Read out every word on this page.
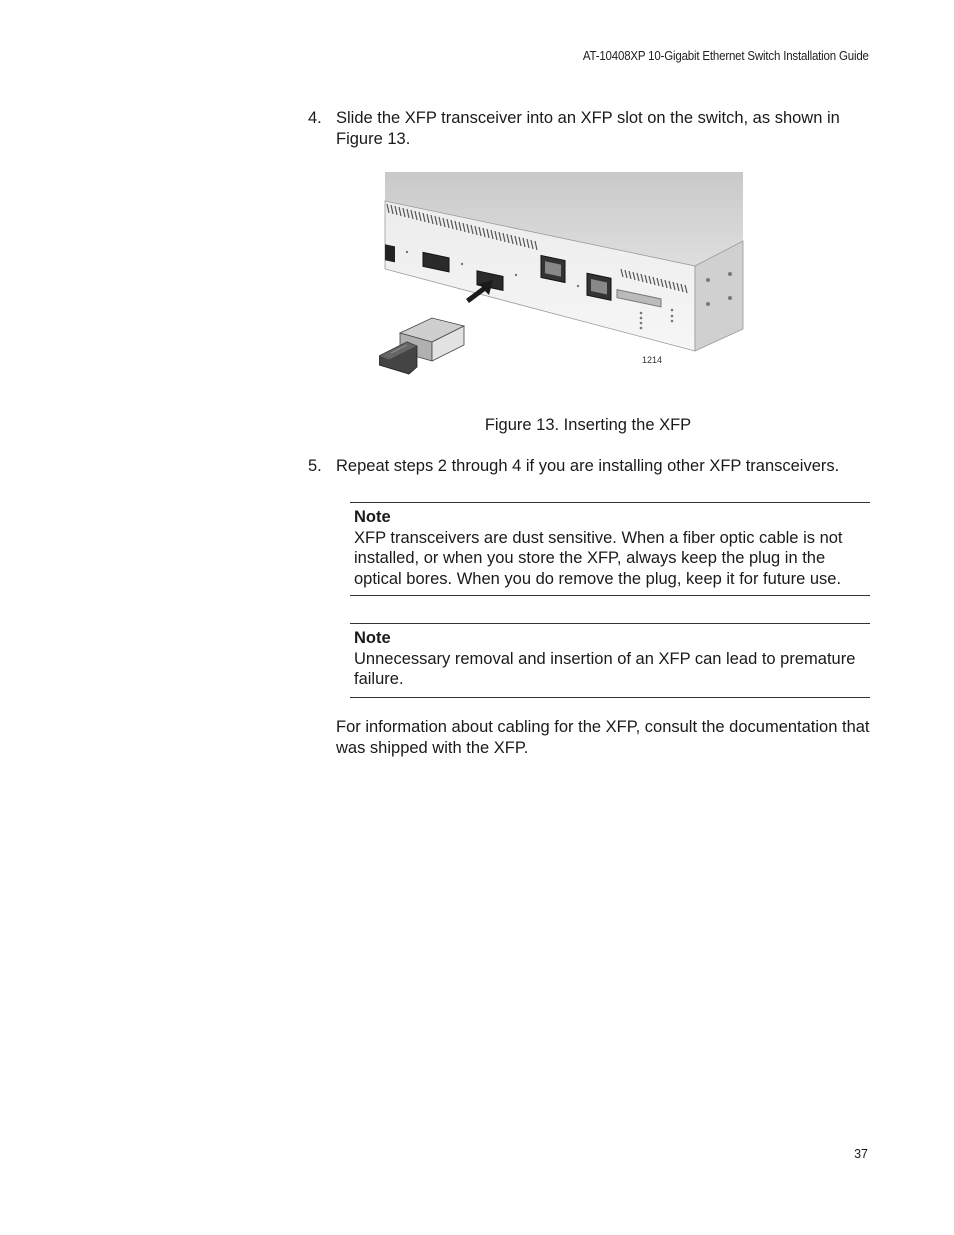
AT-10408XP 10-Gigabit Ethernet Switch Installation Guide
4. Slide the XFP transceiver into an XFP slot on the switch, as shown in Figure 13.
1214
Figure 13. Inserting the XFP
5. Repeat steps 2 through 4 if you are installing other XFP transceivers.
Note
XFP transceivers are dust sensitive. When a fiber optic cable is not installed, or when you store the XFP, always keep the plug in the optical bores. When you do remove the plug, keep it for future use.
Note
Unnecessary removal and insertion of an XFP can lead to premature failure.
For information about cabling for the XFP, consult the documentation that was shipped with the XFP.
37
